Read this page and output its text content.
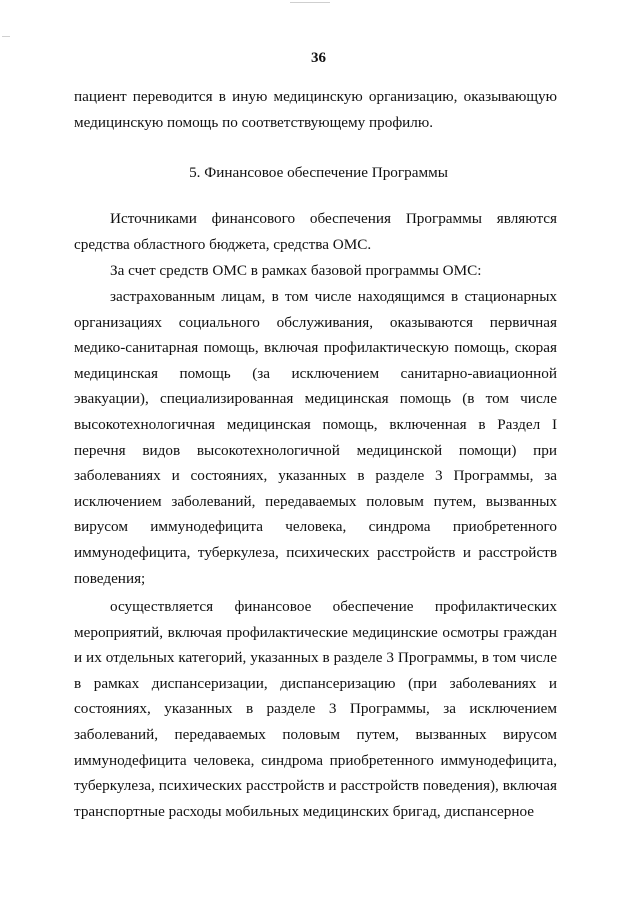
36

пациент переводится в иную медицинскую организацию, оказывающую медицинскую помощь по соответствующему профилю.

5. Финансовое обеспечение Программы

Источниками финансового обеспечения Программы являются средства областного бюджета, средства ОМС.

За счет средств ОМС в рамках базовой программы ОМС:

застрахованным лицам, в том числе находящимся в стационарных организациях социального обслуживания, оказываются первичная медико-санитарная помощь, включая профилактическую помощь, скорая медицинская помощь (за исключением санитарно-авиационной эвакуации), специализированная медицинская помощь (в том числе высокотехнологичная медицинская помощь, включенная в Раздел I перечня видов высокотехнологичной медицинской помощи) при заболеваниях и состояниях, указанных в разделе 3 Программы, за исключением заболеваний, передаваемых половым путем, вызванных вирусом иммунодефицита человека, синдрома приобретенного иммунодефицита, туберкулеза, психических расстройств и расстройств поведения;

осуществляется финансовое обеспечение профилактических мероприятий, включая профилактические медицинские осмотры граждан и их отдельных категорий, указанных в разделе 3 Программы, в том числе в рамках диспансеризации, диспансеризацию (при заболеваниях и состояниях, указанных в разделе 3 Программы, за исключением заболеваний, передаваемых половым путем, вызванных вирусом иммунодефицита человека, синдрома приобретенного иммунодефицита, туберкулеза, психических расстройств и расстройств поведения), включая транспортные расходы мобильных медицинских бригад, диспансерное
